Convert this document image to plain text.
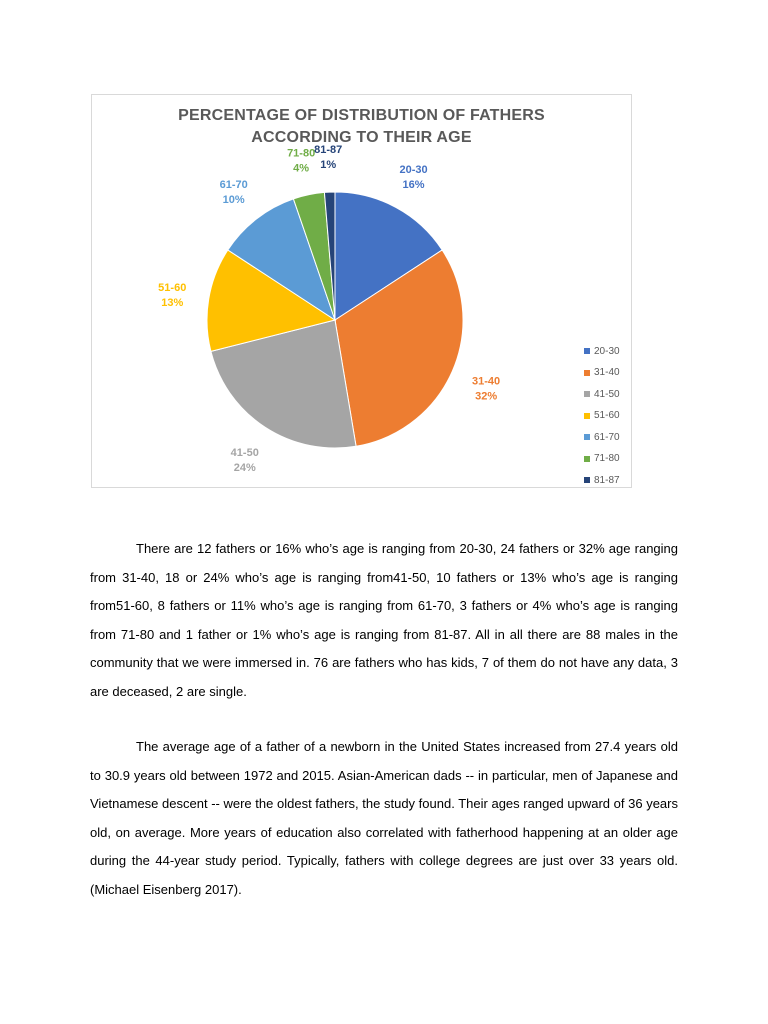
PERCENTAGE OF DISTRIBUTION OF FATHERS
ACCORDING TO THEIR AGE
20-30
16%
31-40
32%
41-50
24%
51-60
13%
61-70
10%
71-80
4%
81-87
1%
20-30
31-40
41-50
51-60
61-70
71-80
81-87

There are 12 fathers or 16% who’s age is ranging from 20-30, 24 fathers or 32% age ranging from 31-40, 18 or 24% who’s age is ranging from41-50, 10 fathers or 13% who’s age is ranging from51-60, 8 fathers or 11% who’s age is ranging from 61-70, 3 fathers or 4% who’s age is ranging from 71-80 and 1 father or 1% who’s age is ranging from 81-87. All in all there are 88 males in the community that we were immersed in. 76 are fathers who has kids, 7 of them do not have any data, 3 are deceased, 2 are single.

The average age of a father of a newborn in the United States increased from 27.4 years old to 30.9 years old between 1972 and 2015. Asian-American dads -- in particular, men of Japanese and Vietnamese descent -- were the oldest fathers, the study found. Their ages ranged upward of 36 years old, on average. More years of education also correlated with fatherhood happening at an older age during the 44-year study period. Typically, fathers with college degrees are just over 33 years old. (Michael Eisenberg 2017).
